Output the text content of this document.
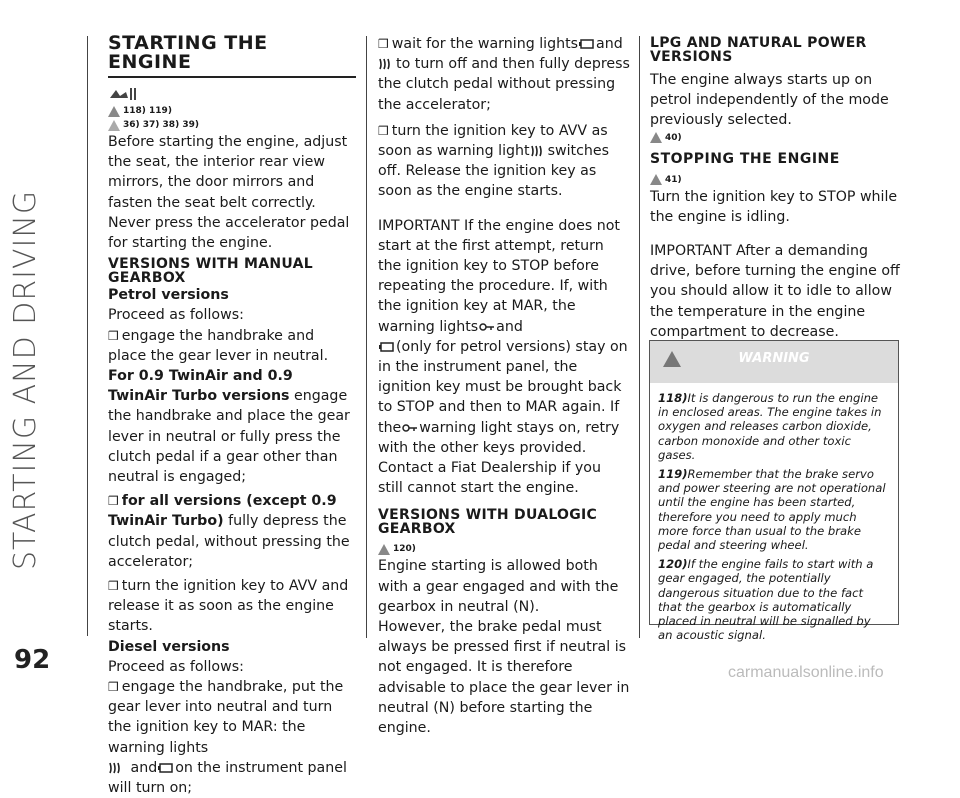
STARTING AND DRIVING
92
STARTING THE ENGINE
118) 119)
36) 37) 38) 39)

Before starting the engine, adjust the seat, the interior rear view mirrors, the door mirrors and fasten the seat belt correctly.

Never press the accelerator pedal for starting the engine.

VERSIONS WITH MANUAL GEARBOX

Petrol versions

Proceed as follows:

❒ engage the handbrake and place the gear lever in neutral. For 0.9 TwinAir and 0.9 TwinAir Turbo versions engage the handbrake and place the gear lever in neutral or fully press the clutch pedal if a gear other than neutral is engaged;

❒ for all versions (except 0.9 TwinAir Turbo) fully depress the clutch pedal, without pressing the accelerator;

❒ turn the ignition key to AVV and release it as soon as the engine starts.

Diesel versions

Proceed as follows:

❒ engage the handbrake, put the gear lever into neutral and turn the ignition key to MAR: the warning lights
and on the instrument panel will turn on;

❒ wait for the warning lights and
to turn off and then fully depress the clutch pedal without pressing the accelerator;

❒ turn the ignition key to AVV as soon as warning light switches off. Release the ignition key as soon as the engine starts.

IMPORTANT If the engine does not start at the first attempt, return the ignition key to STOP before repeating the procedure. If, with the ignition key at MAR, the warning lights and
(only for petrol versions) stay on in the instrument panel, the ignition key must be brought back to STOP and then to MAR again. If the warning light stays on, retry with the other keys provided. Contact a Fiat Dealership if you still cannot start the engine.

VERSIONS WITH DUALOGIC GEARBOX
120)

Engine starting is allowed both with a gear engaged and with the gearbox in neutral (N).

However, the brake pedal must always be pressed first if neutral is not engaged. It is therefore advisable to place the gear lever in neutral (N) before starting the engine.

LPG AND NATURAL POWER VERSIONS

The engine always starts up on petrol independently of the mode previously selected.

40)
STOPPING THE ENGINE
41)

Turn the ignition key to STOP while the engine is idling.

IMPORTANT After a demanding drive, before turning the engine off you should allow it to idle to allow the temperature in the engine compartment to decrease.

WARNING

118)It is dangerous to run the engine in enclosed areas. The engine takes in oxygen and releases carbon dioxide, carbon monoxide and other toxic gases.

119)Remember that the brake servo and power steering are not operational until the engine has been started, therefore you need to apply much more force than usual to the brake pedal and steering wheel.

120)If the engine fails to start with a gear engaged, the potentially dangerous situation due to the fact that the gearbox is automatically placed in neutral will be signalled by an acoustic signal.

carmanualsonline.info
